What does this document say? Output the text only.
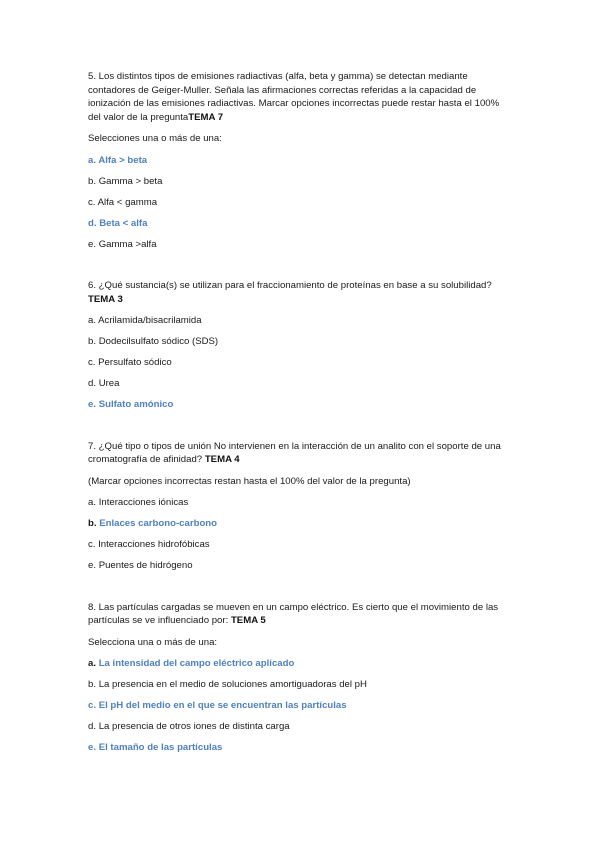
5. Los distintos tipos de emisiones radiactivas (alfa, beta y gamma) se detectan mediante contadores de Geiger-Muller. Señala las afirmaciones correctas referidas a la capacidad de ionización de las emisiones radiactivas. Marcar opciones incorrectas puede restar hasta el 100% del valor de la preguntaTEMA 7

Selecciones una o más de una:

a. Alfa > beta

b. Gamma > beta

c. Alfa < gamma

d. Beta < alfa

e. Gamma >alfa

6. ¿Qué sustancia(s) se utilizan para el fraccionamiento de proteínas en base a su solubilidad? TEMA 3

a. Acrilamida/bisacrilamida

b. Dodecilsulfato sódico (SDS)

c. Persulfato sódico

d. Urea

e. Sulfato amónico

7. ¿Qué tipo o tipos de unión No intervienen en la interacción de un analito con el soporte de una cromatografía de afinidad? TEMA 4

(Marcar opciones incorrectas restan hasta el 100% del valor de la pregunta)

a. Interacciones iónicas

b. Enlaces carbono-carbono

c. Interacciones hidrofóbicas

e. Puentes de hidrógeno

8. Las partículas cargadas se mueven en un campo eléctrico. Es cierto que el movimiento de las partículas se ve influenciado por: TEMA 5

Selecciona una o más de una:

a. La intensidad del campo eléctrico aplicado

b. La presencia en el medio de soluciones amortiguadoras del pH

c. El pH del medio en el que se encuentran las partículas

d. La presencia de otros iones de distinta carga

e. El tamaño de las partículas
